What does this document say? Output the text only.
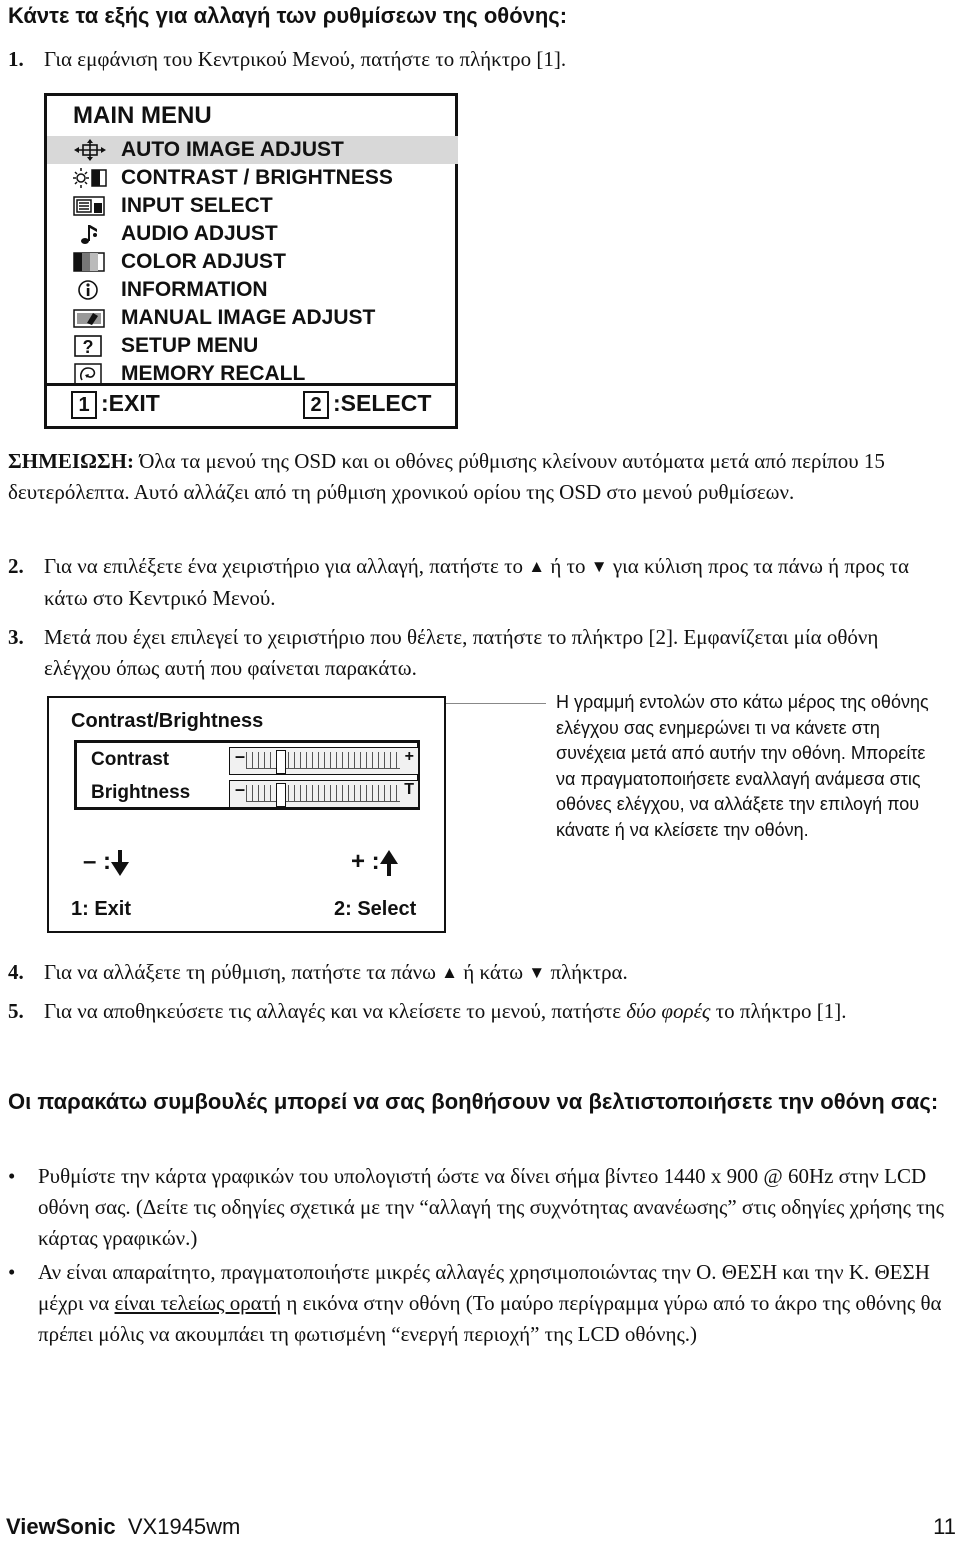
Κάντε τα εξής για αλλαγή των ρυθμίσεων της οθόνης:
1. Για εμφάνιση του Κεντρικού Μενού, πατήστε το πλήκτρο [1].
MAIN MENU
AUTO IMAGE ADJUST
CONTRAST / BRIGHTNESS
INPUT SELECT
AUDIO ADJUST
COLOR ADJUST
INFORMATION
MANUAL IMAGE ADJUST
? SETUP MENU
MEMORY RECALL
1 :EXIT	2 :SELECT
ΣΗΜΕΙΩΣΗ: Όλα τα μενού της OSD και οι οθόνες ρύθμισης κλείνουν αυτόματα μετά από περίπου 15 δευτερόλεπτα. Αυτό αλλάζει από τη ρύθμιση χρονικού ορίου της OSD στο μενού ρυθμίσεων.
2. Για να επιλέξετε ένα χειριστήριο για αλλαγή, πατήστε το ▲ ή το ▼ για κύλιση προς τα πάνω ή προς τα κάτω στο Κεντρικό Μενού.
3. Μετά που έχει επιλεγεί το χειριστήριο που θέλετε, πατήστε το πλήκτρο [2]. Εμφανίζεται μία οθόνη ελέγχου όπως αυτή που φαίνεται παρακάτω.
Contrast/Brightness
Contrast	–	+
Brightness –	T
– :	+ :
1: Exit	2: Select
Η γραμμή εντολών στο κάτω μέρος της οθόνης ελέγχου σας ενημερώνει τι να κάνετε στη συνέχεια μετά από αυτήν την οθόνη. Μπορείτε να πραγματοποιήσετε εναλλαγή ανάμεσα στις οθόνες ελέγχου, να αλλάξετε την επιλογή που κάνατε ή να κλείσετε την οθόνη.
4. Για να αλλάξετε τη ρύθμιση, πατήστε τα πάνω ▲ ή κάτω ▼ πλήκτρα.
5. Για να αποθηκεύσετε τις αλλαγές και να κλείσετε το μενού, πατήστε δύο φορές το πλήκτρο [1].
Οι παρακάτω συμβουλές μπορεί να σας βοηθήσουν να βελτιστοποιήσετε την οθόνη σας:
• Ρυθμίστε την κάρτα γραφικών του υπολογιστή ώστε να δίνει σήμα βίντεο 1440 x 900 @ 60Hz στην LCD οθόνη σας. (Δείτε τις οδηγίες σχετικά με την “αλλαγή της συχνότητας ανανέωσης” στις οδηγίες χρήσης της κάρτας γραφικών.)
• Αν είναι απαραίτητο, πραγματοποιήστε μικρές αλλαγές χρησιμοποιώντας την Ο. ΘΕΣΗ και την Κ. ΘΕΣΗ μέχρι να είναι τελείως ορατή η εικόνα στην οθόνη (Το μαύρο περίγραμμα γύρω από το άκρο της οθόνης θα πρέπει μόλις να ακουμπάει τη φωτισμένη “ενεργή περιοχή” της LCD οθόνης.)
ViewSonic VX1945wm	11
